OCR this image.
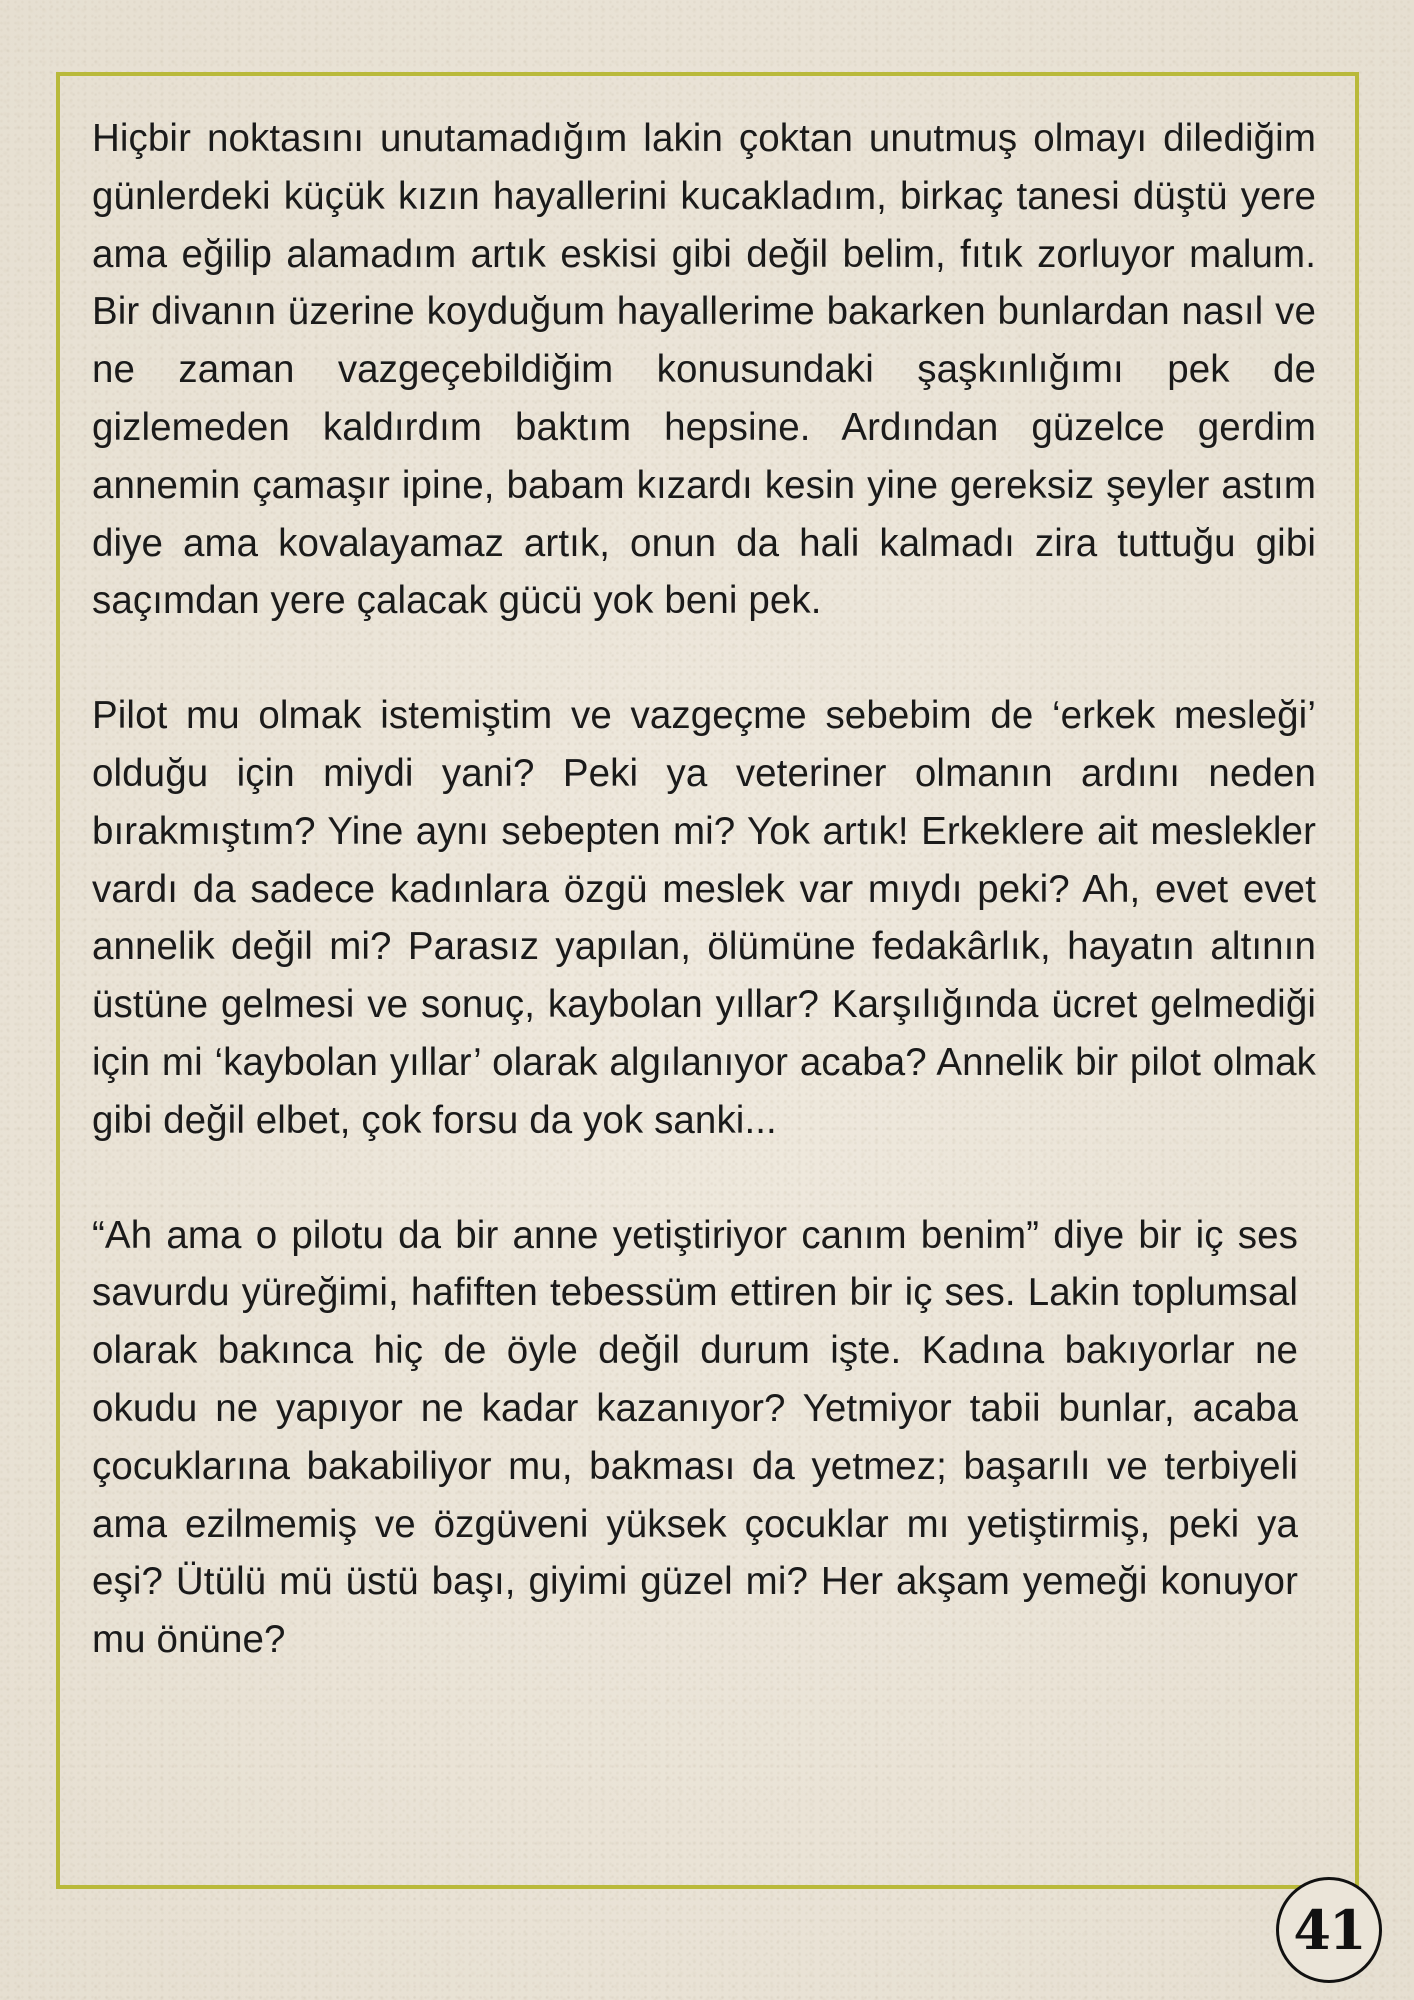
Hiçbir noktasını unutamadığım lakin çoktan unutmuş olmayı dilediğim günlerdeki küçük kızın hayallerini kucakladım, birkaç tanesi düştü yere ama eğilip alamadım artık eskisi gibi değil belim, fıtık zorluyor malum. Bir divanın üzerine koyduğum hayallerime bakarken bunlardan nasıl ve ne zaman vazgeçebildiğim konusundaki şaşkınlığımı pek de gizlemeden kaldırdım baktım hepsine. Ardından güzelce gerdim annemin çamaşır ipine, babam kızardı kesin yine gereksiz şeyler astım diye ama kovalayamaz artık, onun da hali kalmadı zira tuttuğu gibi saçımdan yere çalacak gücü yok beni pek.

Pilot mu olmak istemiştim ve vazgeçme sebebim de ‘erkek mesleği’ olduğu için miydi yani? Peki ya veteriner olmanın ardını neden bırakmıştım? Yine aynı sebepten mi? Yok artık! Erkeklere ait meslekler vardı da sadece kadınlara özgü meslek var mıydı peki? Ah, evet evet annelik değil mi? Parasız yapılan, ölümüne fedakârlık, hayatın altının üstüne gelmesi ve sonuç, kaybolan yıllar? Karşılığında ücret gelmediği için mi ‘kaybolan yıllar’ olarak algılanıyor acaba? Annelik bir pilot olmak gibi değil elbet, çok forsu da yok sanki...

“Ah ama o pilotu da bir anne yetiştiriyor canım benim” diye bir iç ses savurdu yüreğimi, hafiften tebessüm ettiren bir iç ses. Lakin toplumsal olarak bakınca hiç de öyle değil durum işte. Kadına bakıyorlar ne okudu ne yapıyor ne kadar kazanıyor? Yetmiyor tabii bunlar, acaba çocuklarına bakabiliyor mu, bakması da yetmez; başarılı ve terbiyeli ama ezilmemiş ve özgüveni yüksek çocuklar mı yetiştirmiş, peki ya eşi? Ütülü mü üstü başı, giyimi güzel mi? Her akşam yemeği konuyor mu önüne?

41
